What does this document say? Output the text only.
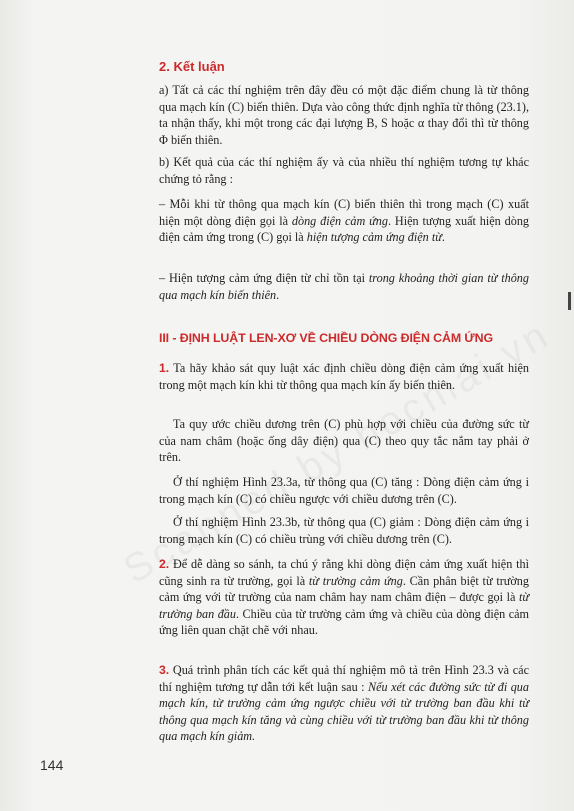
2. Kết luận
a) Tất cả các thí nghiệm trên đây đều có một đặc điểm chung là từ thông qua mạch kín (C) biến thiên. Dựa vào công thức định nghĩa từ thông (23.1), ta nhận thấy, khi một trong các đại lượng B, S hoặc α thay đổi thì từ thông Φ biến thiên.
b) Kết quả của các thí nghiệm ấy và của nhiều thí nghiệm tương tự khác chứng tỏ rằng :
– Mỗi khi từ thông qua mạch kín (C) biến thiên thì trong mạch (C) xuất hiện một dòng điện gọi là dòng điện cảm ứng. Hiện tượng xuất hiện dòng điện cảm ứng trong (C) gọi là hiện tượng cảm ứng điện từ.
– Hiện tượng cảm ứng điện từ chỉ tồn tại trong khoảng thời gian từ thông qua mạch kín biến thiên.
III - ĐỊNH LUẬT LEN-XƠ VỀ CHIỀU DÒNG ĐIỆN CẢM ỨNG
1. Ta hãy khảo sát quy luật xác định chiều dòng điện cảm ứng xuất hiện trong một mạch kín khi từ thông qua mạch kín ấy biến thiên.
Ta quy ước chiều dương trên (C) phù hợp với chiều của đường sức từ của nam châm (hoặc ống dây điện) qua (C) theo quy tắc nắm tay phải ở trên.
Ở thí nghiệm Hình 23.3a, từ thông qua (C) tăng : Dòng điện cảm ứng i trong mạch kín (C) có chiều ngược với chiều dương trên (C).
Ở thí nghiệm Hình 23.3b, từ thông qua (C) giảm : Dòng điện cảm ứng i trong mạch kín (C) có chiều trùng với chiều dương trên (C).
2. Để dễ dàng so sánh, ta chú ý rằng khi dòng điện cảm ứng xuất hiện thì cũng sinh ra từ trường, gọi là từ trường cảm ứng. Cần phân biệt từ trường cảm ứng với từ trường của nam châm hay nam châm điện – được gọi là từ trường ban đầu. Chiều của từ trường cảm ứng và chiều của dòng điện cảm ứng liên quan chặt chẽ với nhau.
3. Quá trình phân tích các kết quả thí nghiệm mô tả trên Hình 23.3 và các thí nghiệm tương tự dẫn tới kết luận sau : Nếu xét các đường sức từ đi qua mạch kín, từ trường cảm ứng ngược chiều với từ trường ban đầu khi từ thông qua mạch kín tăng và cùng chiều với từ trường ban đầu khi từ thông qua mạch kín giảm.
144
